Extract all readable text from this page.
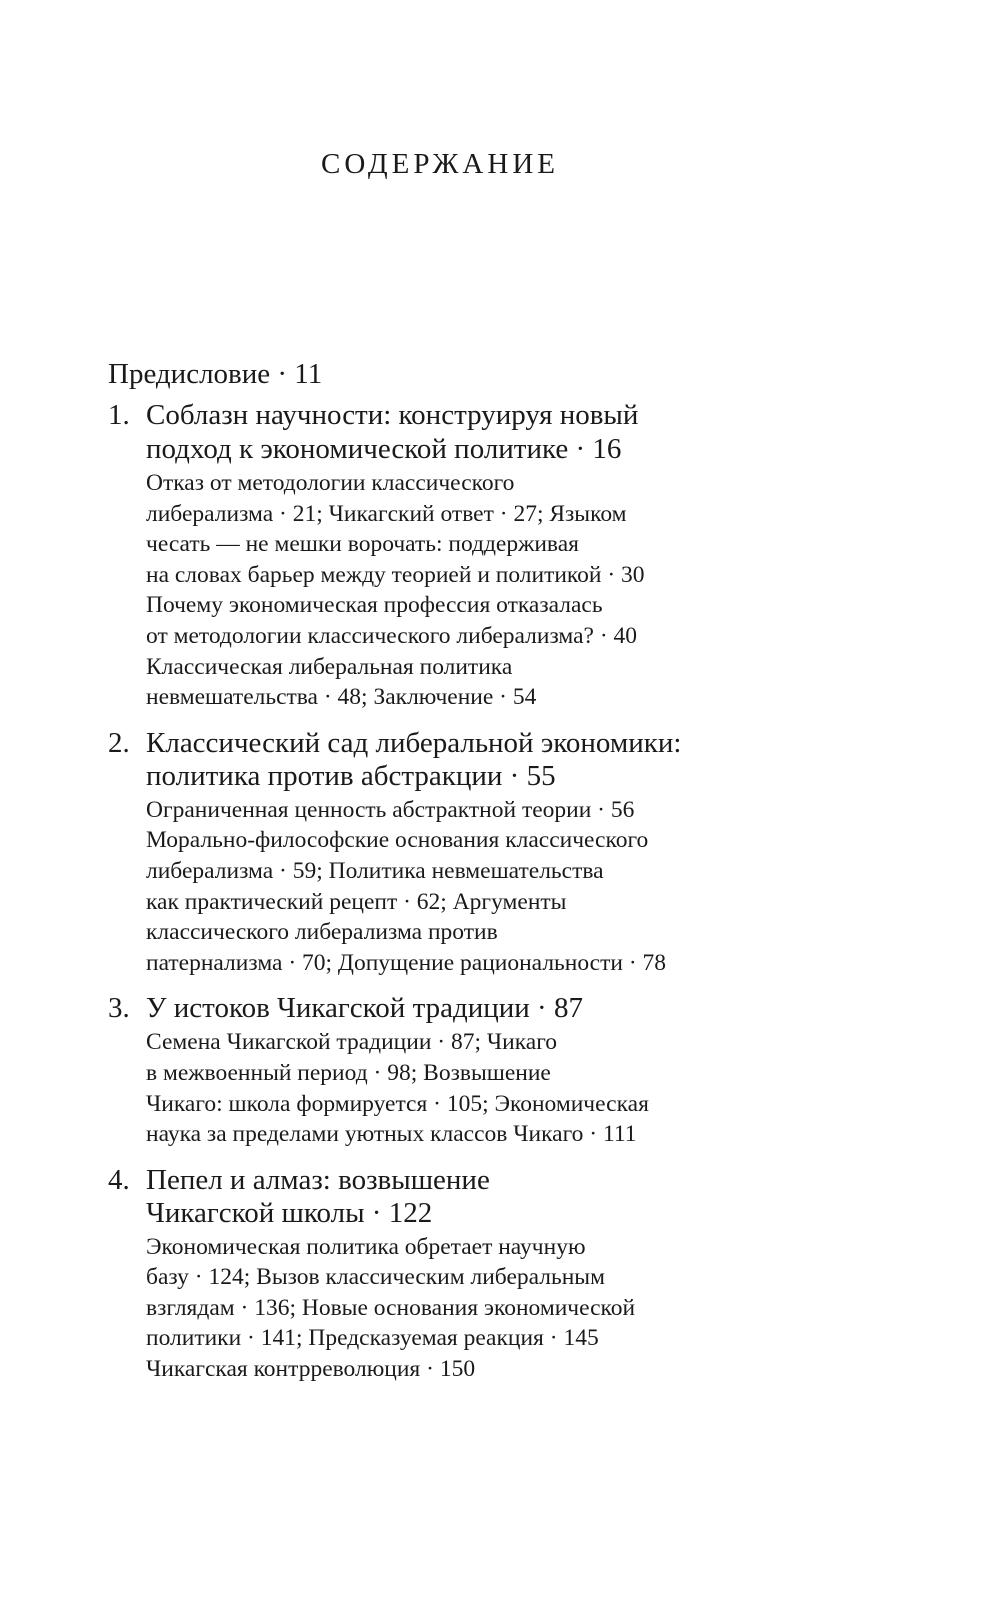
СОДЕРЖАНИЕ
Предисловие · 11
1. Соблазн научности: конструируя новый
подход к экономической политике · 16
Отказ от методологии классического
либерализма · 21; Чикагский ответ · 27; Языком
чесать — не мешки ворочать: поддерживая
на словах барьер между теорией и политикой · 30
Почему экономическая профессия отказалась
от методологии классического либерализма? · 40
Классическая либеральная политика
невмешательства · 48; Заключение · 54
2. Классический сад либеральной экономики:
политика против абстракции · 55
Ограниченная ценность абстрактной теории · 56
Морально-философские основания классического
либерализма · 59; Политика невмешательства
как практический рецепт · 62; Аргументы
классического либерализма против
патернализма · 70; Допущение рациональности · 78
3. У истоков Чикагской традиции · 87
Семена Чикагской традиции · 87; Чикаго
в межвоенный период · 98; Возвышение
Чикаго: школа формируется · 105; Экономическая
наука за пределами уютных классов Чикаго · 111
4. Пепел и алмаз: возвышение
Чикагской школы · 122
Экономическая политика обретает научную
базу · 124; Вызов классическим либеральным
взглядам · 136; Новые основания экономической
политики · 141; Предсказуемая реакция · 145
Чикагская контрреволюция · 150
